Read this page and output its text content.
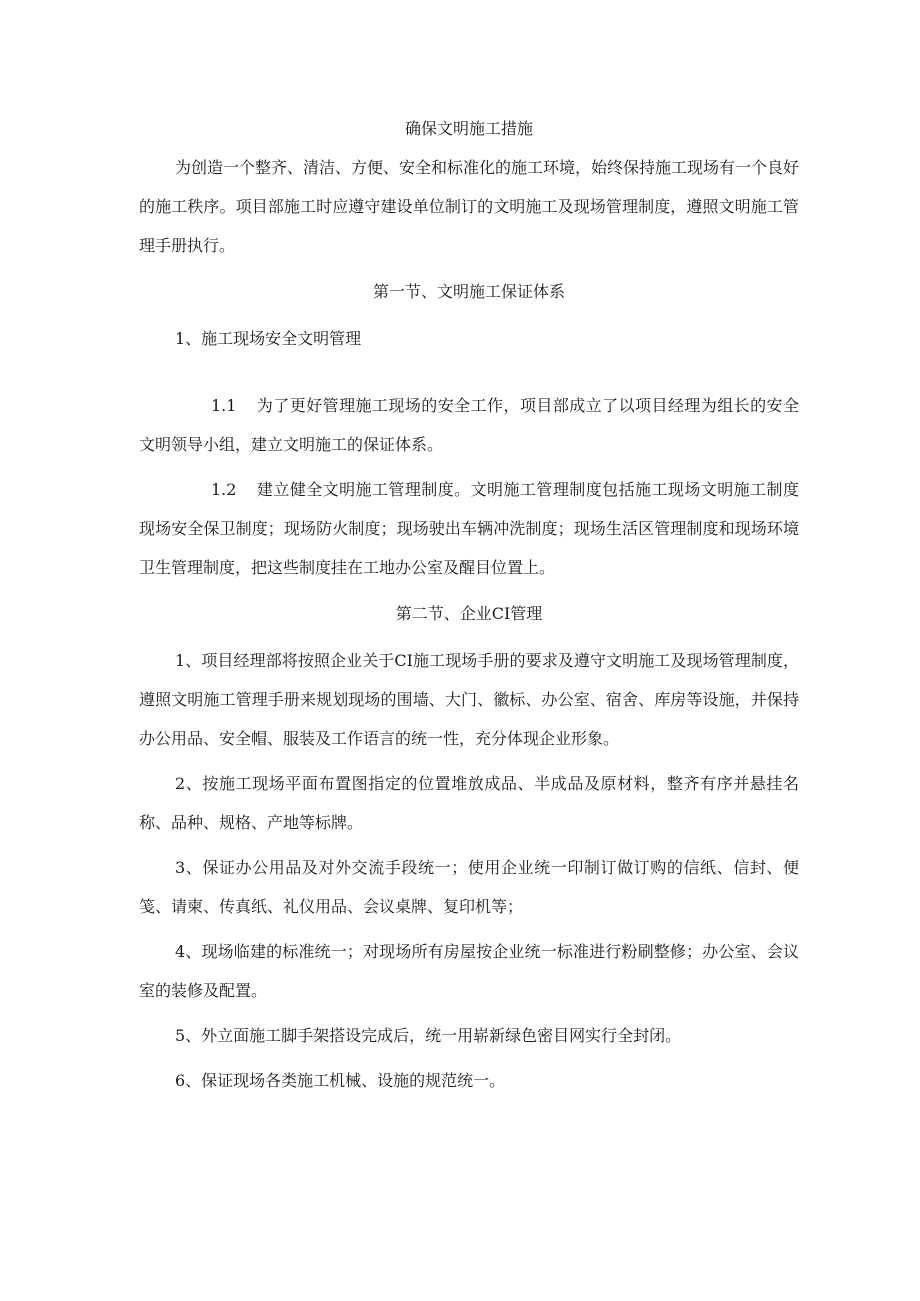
确保文明施工措施

为创造一个整齐、清洁、方便、安全和标准化的施工环境，始终保持施工现场有一个良好的施工秩序。项目部施工时应遵守建设单位制订的文明施工及现场管理制度，遵照文明施工管理手册执行。

第一节、文明施工保证体系

1、施工现场安全文明管理

1.1 为了更好管理施工现场的安全工作，项目部成立了以项目经理为组长的安全文明领导小组，建立文明施工的保证体系。

1.2 建立健全文明施工管理制度。文明施工管理制度包括施工现场文明施工制度现场安全保卫制度；现场防火制度；现场驶出车辆冲洗制度；现场生活区管理制度和现场环境卫生管理制度，把这些制度挂在工地办公室及醒目位置上。

第二节、企业CI管理

1、项目经理部将按照企业关于CI施工现场手册的要求及遵守文明施工及现场管理制度，遵照文明施工管理手册来规划现场的围墙、大门、徽标、办公室、宿舍、库房等设施，并保持办公用品、安全帽、服装及工作语言的统一性，充分体现企业形象。

2、按施工现场平面布置图指定的位置堆放成品、半成品及原材料，整齐有序并悬挂名称、品种、规格、产地等标牌。

3、保证办公用品及对外交流手段统一；使用企业统一印制订做订购的信纸、信封、便笺、请柬、传真纸、礼仪用品、会议桌牌、复印机等；

4、现场临建的标准统一；对现场所有房屋按企业统一标准进行粉刷整修；办公室、会议室的装修及配置。

5、外立面施工脚手架搭设完成后，统一用崭新绿色密目网实行全封闭。

6、保证现场各类施工机械、设施的规范统一。
